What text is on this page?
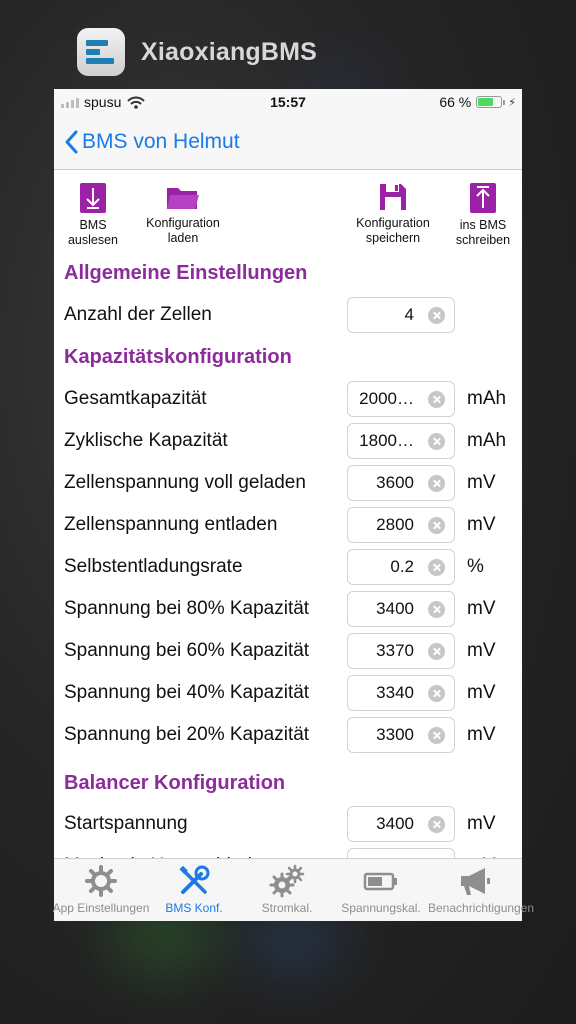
XiaoxiangBMS
spusu	15:57	66 %	⚡
BMS von Helmut
BMS
auslesen
Konfiguration
laden
Konfiguration
speichern
ins BMS
schreiben
Allgemeine Einstellungen
Kapazitätskonfiguration
Balancer Konfiguration
Anzahl der Zellen	4
Gesamtkapazität	2000…	mAh
Zyklische Kapazität	1800…	mAh
Zellenspannung voll geladen	3600	mV
Zellenspannung entladen	2800	mV
Selbstentladungsrate	0.2	%
Spannung bei 80% Kapazität	3400	mV
Spannung bei 60% Kapazität	3370	mV
Spannung bei 40% Kapazität	3340	mV
Spannung bei 20% Kapazität	3300	mV
Startspannung	3400	mV
App Einstellungen	BMS Konf.	Stromkal.	Spannungskal. Benachrichtigungen
